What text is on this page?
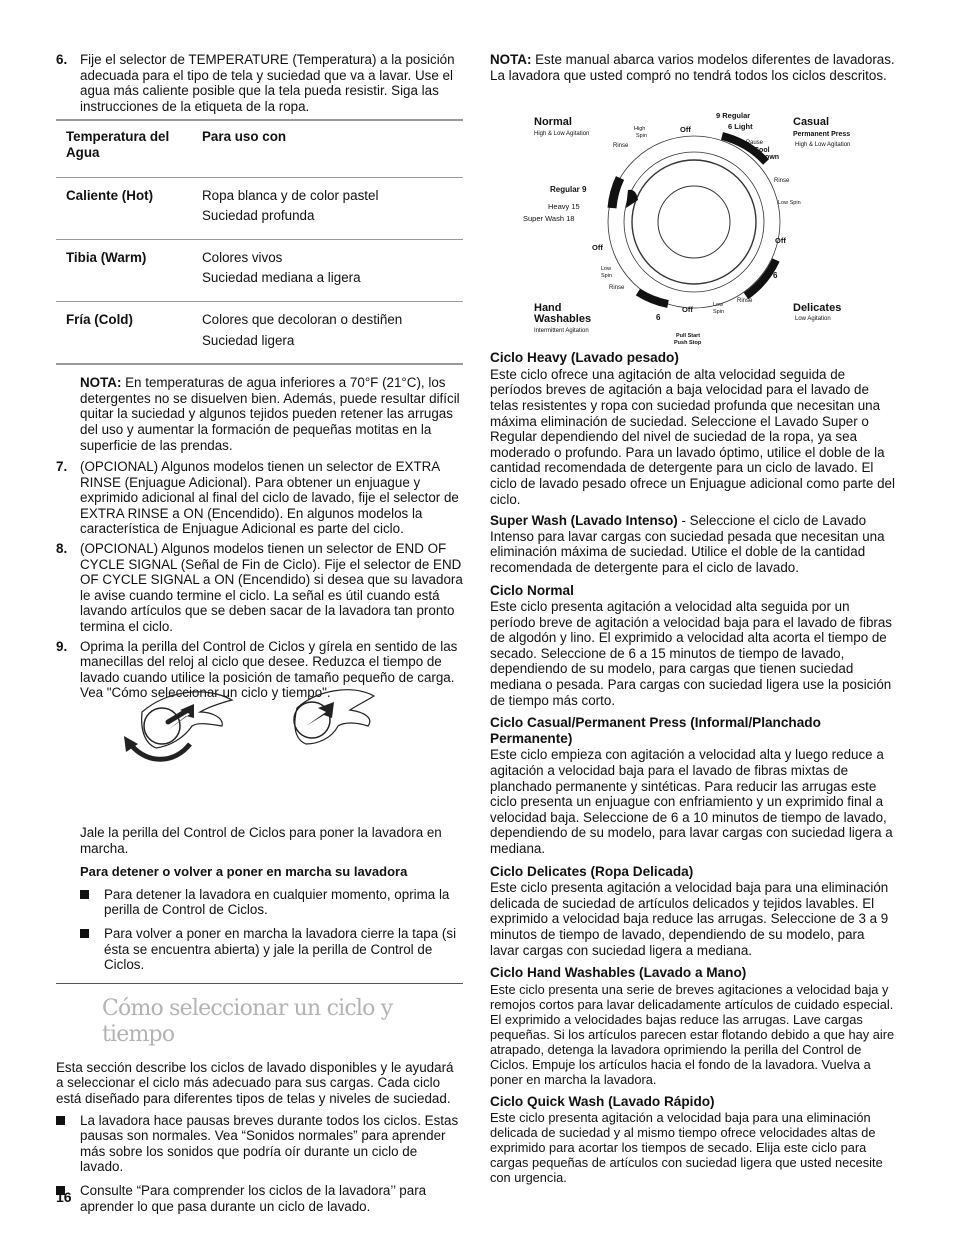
6. Fije el selector de TEMPERATURE (Temperatura) a la posición adecuada para el tipo de tela y suciedad que va a lavar. Use el agua más caliente posible que la tela pueda resistir. Siga las instrucciones de la etiqueta de la ropa.

Temperatura del Agua	Para uso con
Caliente (Hot)	Ropa blanca y de color pastel
Suciedad profunda

Tibia (Warm)	Colores vivos
Suciedad mediana a ligera

Fría (Cold)	Colores que decoloran o destiñen
Suciedad ligera

NOTA: En temperaturas de agua inferiores a 70°F (21°C), los detergentes no se disuelven bien. Además, puede resultar difícil quitar la suciedad y algunos tejidos pueden retener las arrugas del uso y aumentar la formación de pequeñas motitas en la superficie de las prendas.

7. (OPCIONAL) Algunos modelos tienen un selector de EXTRA RINSE (Enjuague Adicional). Para obtener un enjuague y exprimido adicional al final del ciclo de lavado, fije el selector de EXTRA RINSE a ON (Encendido). En algunos modelos la característica de Enjuague Adicional es parte del ciclo.

8. (OPCIONAL) Algunos modelos tienen un selector de END OF CYCLE SIGNAL (Señal de Fin de Ciclo). Fije el selector de END OF CYCLE SIGNAL a ON (Encendido) si desea que su lavadora le avise cuando termine el ciclo. La señal es útil cuando está lavando artículos que se deben sacar de la lavadora tan pronto termina el ciclo.

9. Oprima la perilla del Control de Ciclos y gírela en sentido de las manecillas del reloj al ciclo que desee. Reduzca el tiempo de lavado cuando utilice la posición de tamaño pequeño de carga. Vea "Cómo seleccionar un ciclo y tiempo".

Jale la perilla del Control de Ciclos para poner la lavadora en marcha.

Para detener o volver a poner en marcha su lavadora

Para detener la lavadora en cualquier momento, oprima la perilla de Control de Ciclos.
Para volver a poner en marcha la lavadora cierre la tapa (si ésta se encuentra abierta) y jale la perilla de Control de Ciclos.
Cómo seleccionar un ciclo y tiempo

Esta sección describe los ciclos de lavado disponibles y le ayudará a seleccionar el ciclo más adecuado para sus cargas. Cada ciclo está diseñado para diferentes tipos de telas y niveles de suciedad.

La lavadora hace pausas breves durante todos los ciclos. Estas pausas son normales. Vea “Sonidos normales” para aprender más sobre los sonidos que podría oír durante un ciclo de lavado.
Consulte “Para comprender los ciclos de la lavadora’’ para aprender lo que pasa durante un ciclo de lavado.
Normal
High & Low Agitation
Casual
Permanent Press
High & Low Agitation
Hand
Washables
Intermittent Agitation
Delicates
Low Agitation
9 Regular
6 Light
Pause
Cool
Down
Off
High
Spin
Rinse
Rinse
Low Spin
Off
6
Regular 9
Heavy 15
Super Wash 18
Off
Low
Spin
Rinse
Rinse
Low
Spin
Off
6
Pull Start
Push Stop

NOTA: Este manual abarca varios modelos diferentes de lavadoras. La lavadora que usted compró no tendrá todos los ciclos descritos.

Ciclo Heavy (Lavado pesado)

Este ciclo ofrece una agitación de alta velocidad seguida de períodos breves de agitación a baja velocidad para el lavado de telas resistentes y ropa con suciedad profunda que necesitan una máxima eliminación de suciedad. Seleccione el Lavado Super o Regular dependiendo del nivel de suciedad de la ropa, ya sea moderado o profundo. Para un lavado óptimo, utilice el doble de la cantidad recomendada de detergente para un ciclo de lavado. El ciclo de lavado pesado ofrece un Enjuague adicional como parte del ciclo.

Super Wash (Lavado Intenso) - Seleccione el ciclo de Lavado Intenso para lavar cargas con suciedad pesada que necesitan una eliminación máxima de suciedad. Utilice el doble de la cantidad recomendada de detergente para el ciclo de lavado.

Ciclo Normal

Este ciclo presenta agitación a velocidad alta seguida por un período breve de agitación a velocidad baja para el lavado de fibras de algodón y lino. El exprimido a velocidad alta acorta el tiempo de secado. Seleccione de 6 a 15 minutos de tiempo de lavado, dependiendo de su modelo, para cargas que tienen suciedad mediana o pesada. Para cargas con suciedad ligera use la posición de tiempo más corto.

Ciclo Casual/Permanent Press (Informal/Planchado Permanente)

Este ciclo empieza con agitación a velocidad alta y luego reduce a agitación a velocidad baja para el lavado de fibras mixtas de planchado permanente y sintéticas. Para reducir las arrugas este ciclo presenta un enjuague con enfriamiento y un exprimido final a velocidad baja. Seleccione de 6 a 10 minutos de tiempo de lavado, dependiendo de su modelo, para lavar cargas con suciedad ligera a mediana.

Ciclo Delicates (Ropa Delicada)

Este ciclo presenta agitación a velocidad baja para una eliminación delicada de suciedad de artículos delicados y tejidos lavables. El exprimido a velocidad baja reduce las arrugas. Seleccione de 3 a 9 minutos de tiempo de lavado, dependiendo de su modelo, para lavar cargas con suciedad ligera a mediana.

Ciclo Hand Washables (Lavado a Mano)

Este ciclo presenta una serie de breves agitaciones a velocidad baja y remojos cortos para lavar delicadamente artículos de cuidado especial. El exprimido a velocidades bajas reduce las arrugas. Lave cargas pequeñas. Si los artículos parecen estar flotando debido a que hay aire atrapado, detenga la lavadora oprimiendo la perilla del Control de Ciclos. Empuje los artículos hacia el fondo de la lavadora. Vuelva a poner en marcha la lavadora.

Ciclo Quick Wash (Lavado Rápido)

Este ciclo presenta agitación a velocidad baja para una eliminación delicada de suciedad y al mismo tiempo ofrece velocidades altas de exprimido para acortar los tiempos de secado. Elija este ciclo para cargas pequeñas de artículos con suciedad ligera que usted necesite con urgencia.

16
